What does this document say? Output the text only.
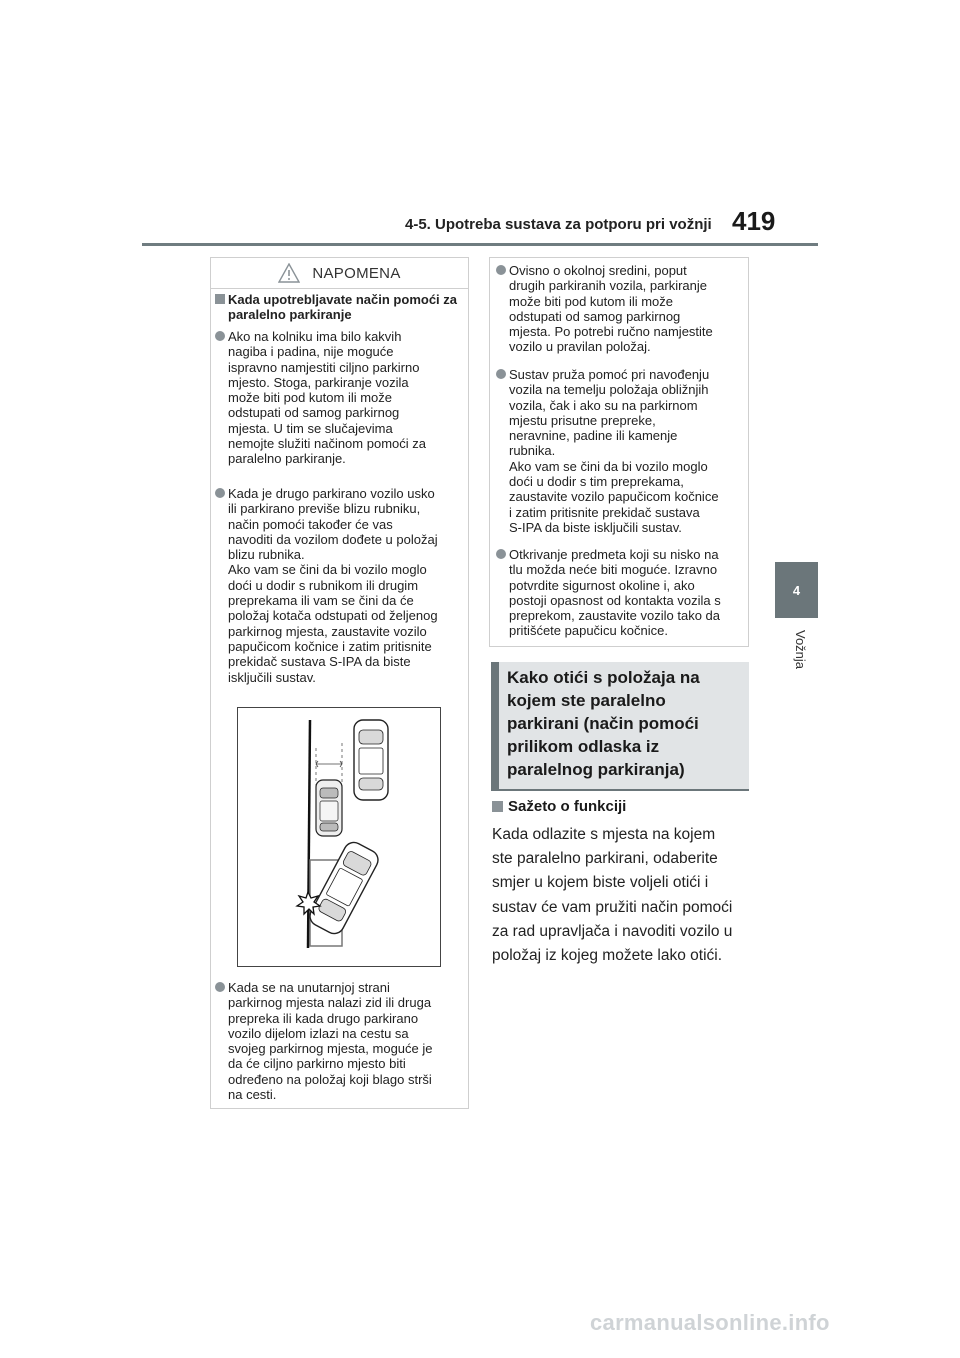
4-5. Upotreba sustava za potporu pri vožnji 419
4
Vožnja
NAPOMENA
Kada upotrebljavate način pomoći za paralelno parkiranje
Ako na kolniku ima bilo kakvih
nagiba i padina, nije moguće
ispravno namjestiti ciljno parkirno
mjesto. Stoga, parkiranje vozila
može biti pod kutom ili može
odstupati od samog parkirnog
mjesta. U tim se slučajevima
nemojte služiti načinom pomoći za
paralelno parkiranje.
Kada je drugo parkirano vozilo usko
ili parkirano previše blizu rubniku,
način pomoći također će vas
navoditi da vozilom dođete u položaj
blizu rubnika.
Ako vam se čini da bi vozilo moglo
doći u dodir s rubnikom ili drugim
preprekama ili vam se čini da će
položaj kotača odstupati od željenog
parkirnog mjesta, zaustavite vozilo
papučicom kočnice i zatim pritisnite
prekidač sustava S-IPA da biste
isključili sustav.
Kada se na unutarnjoj strani
parkirnog mjesta nalazi zid ili druga
prepreka ili kada drugo parkirano
vozilo dijelom izlazi na cestu sa
svojeg parkirnog mjesta, moguće je
da će ciljno parkirno mjesto biti
određeno na položaj koji blago strši
na cesti.
Ovisno o okolnoj sredini, poput
drugih parkiranih vozila, parkiranje
može biti pod kutom ili može
odstupati od samog parkirnog
mjesta. Po potrebi ručno namjestite
vozilo u pravilan položaj.
Sustav pruža pomoć pri navođenju
vozila na temelju položaja obližnjih
vozila, čak i ako su na parkirnom
mjestu prisutne prepreke,
neravnine, padine ili kamenje
rubnika.
Ako vam se čini da bi vozilo moglo
doći u dodir s tim preprekama,
zaustavite vozilo papučicom kočnice
i zatim pritisnite prekidač sustava
S-IPA da biste isključili sustav.
Otkrivanje predmeta koji su nisko na
tlu možda neće biti moguće. Izravno
potvrdite sigurnost okoline i, ako
postoji opasnost od kontakta vozila s
preprekom, zaustavite vozilo tako da
pritišćete papučicu kočnice.
Kako otići s položaja na
kojem ste paralelno
parkirani (način pomoći
prilikom odlaska iz
paralelnog parkiranja)
Sažeto o funkciji
Kada odlazite s mjesta na kojem
ste paralelno parkirani, odaberite
smjer u kojem biste voljeli otići i
sustav će vam pružiti način pomoći
za rad upravljača i navoditi vozilo u
položaj iz kojeg možete lako otići.
carmanualsonline.info
